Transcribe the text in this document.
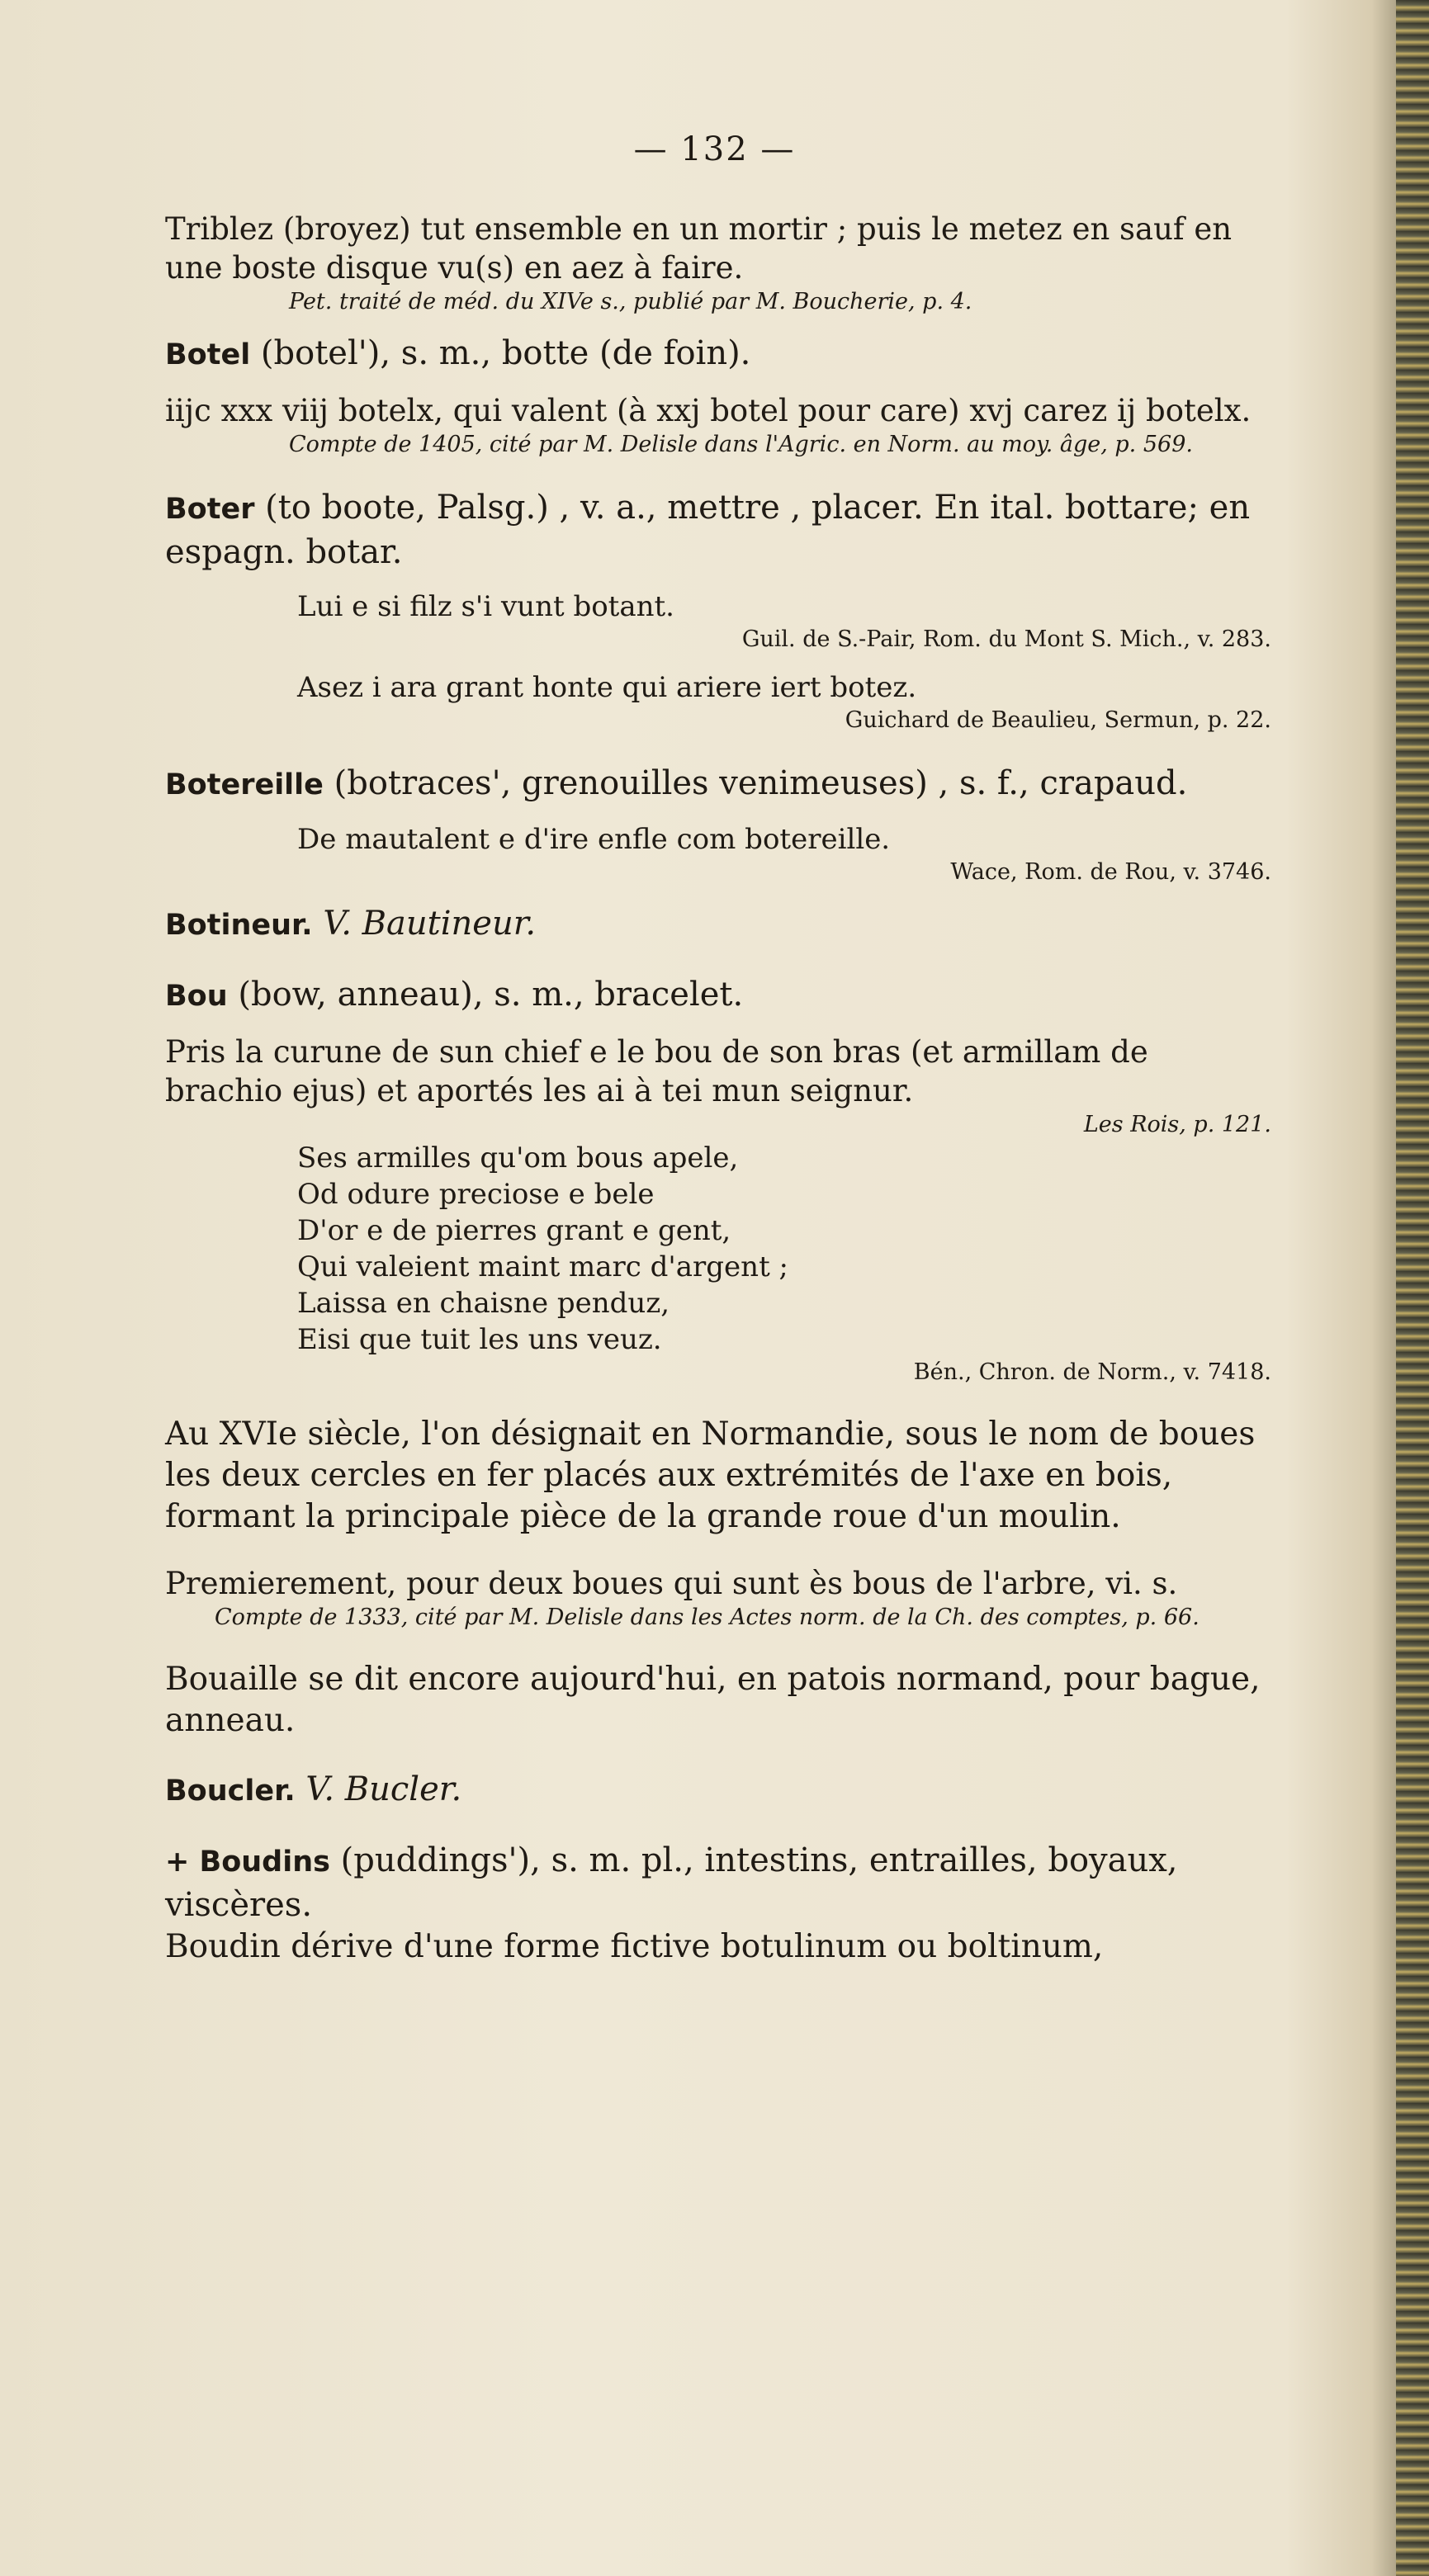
— 132 —

Triblez (broyez) tut ensemble en un mortir ; puis le metez en sauf en une boste disque vu(s) en aez à faire.

Pet. traité de méd. du XIVe s., publié par M. Boucherie, p. 4.

Botel (botel'), s. m., botte (de foin).

iijc xxx viij botelx, qui valent (à xxj botel pour care) xvj carez ij botelx.

Compte de 1405, cité par M. Delisle dans l'Agric. en Norm. au moy. âge, p. 569.

Boter (to boote, Palsg.) , v. a., mettre , placer. En ital. bottare; en espagn. botar.

Lui e si filz s'i vunt botant.

Guil. de S.-Pair, Rom. du Mont S. Mich., v. 283.

Asez i ara grant honte qui ariere iert botez.

Guichard de Beaulieu, Sermun, p. 22.

Botereille (botraces', grenouilles venimeuses) , s. f., crapaud.

De mautalent e d'ire enfle com botereille.

Wace, Rom. de Rou, v. 3746.

Botineur. V. Bautineur.

Bou (bow, anneau), s. m., bracelet.

Pris la curune de sun chief e le bou de son bras (et armillam de brachio ejus) et aportés les ai à tei mun seignur.

Les Rois, p. 121.

Ses armilles qu'om bous apele,

Od odure preciose e bele

D'or e de pierres grant e gent,

Qui valeient maint marc d'argent ;

Laissa en chaisne penduz,

Eisi que tuit les uns veuz.

Bén., Chron. de Norm., v. 7418.

Au XVIe siècle, l'on désignait en Normandie, sous le nom de boues les deux cercles en fer placés aux extrémités de l'axe en bois, formant la principale pièce de la grande roue d'un moulin.

Premierement, pour deux boues qui sunt ès bous de l'arbre, vi. s.

Compte de 1333, cité par M. Delisle dans les Actes norm. de la Ch. des comptes, p. 66.

Bouaille se dit encore aujourd'hui, en patois normand, pour bague, anneau.

Boucler. V. Bucler.

+ Boudins (puddings'), s. m. pl., intestins, entrailles, boyaux, viscères.

Boudin dérive d'une forme fictive botulinum ou boltinum,
